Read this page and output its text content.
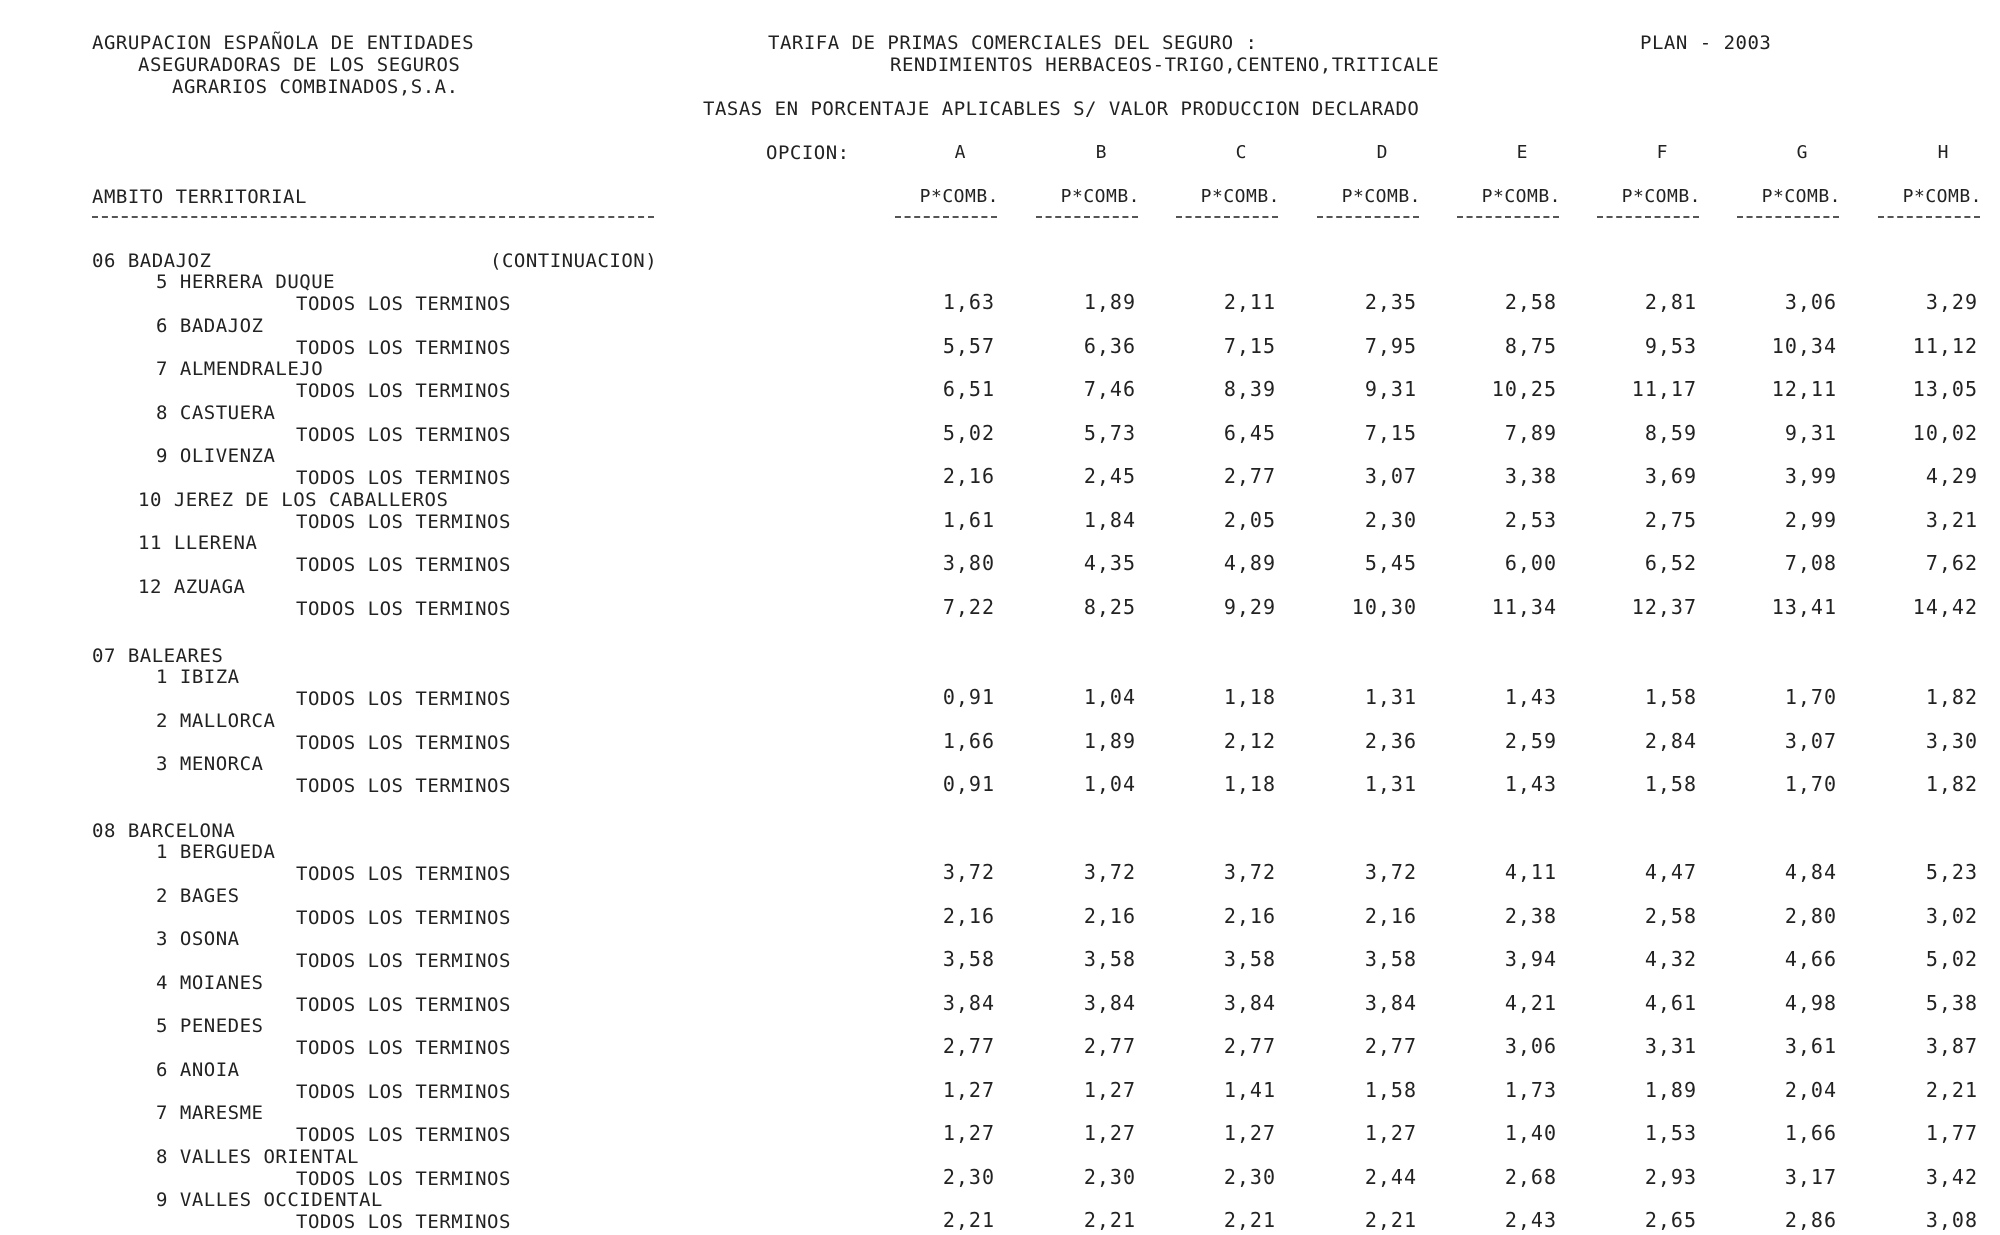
AGRUPACION ESPAÑOLA DE ENTIDADES
ASEGURADORAS DE LOS SEGUROS
AGRARIOS COMBINADOS,S.A.
TARIFA DE PRIMAS COMERCIALES DEL SEGURO :
RENDIMIENTOS HERBACEOS-TRIGO,CENTENO,TRITICALE
PLAN - 2003
TASAS EN PORCENTAJE APLICABLES S/ VALOR PRODUCCION DECLARADO
OPCION:	A	B	C	D	E	F	G	H
AMBITO TERRITORIAL	P*COMB.	P*COMB.	P*COMB.	P*COMB.	P*COMB.	P*COMB.	P*COMB.	P*COMB.
06 BADAJOZ	(CONTINUACION)
5 HERRERA DUQUE
TODOS LOS TERMINOS	1,63	1,89	2,11	2,35	2,58	2,81	3,06	3,29
6 BADAJOZ
TODOS LOS TERMINOS	5,57	6,36	7,15	7,95	8,75	9,53	10,34	11,12
7 ALMENDRALEJO
TODOS LOS TERMINOS	6,51	7,46	8,39	9,31	10,25	11,17	12,11	13,05
8 CASTUERA
TODOS LOS TERMINOS	5,02	5,73	6,45	7,15	7,89	8,59	9,31	10,02
9 OLIVENZA
TODOS LOS TERMINOS	2,16	2,45	2,77	3,07	3,38	3,69	3,99	4,29
10 JEREZ DE LOS CABALLEROS
TODOS LOS TERMINOS	1,61	1,84	2,05	2,30	2,53	2,75	2,99	3,21
11 LLERENA
TODOS LOS TERMINOS	3,80	4,35	4,89	5,45	6,00	6,52	7,08	7,62
12 AZUAGA
TODOS LOS TERMINOS	7,22	8,25	9,29	10,30	11,34	12,37	13,41	14,42
07 BALEARES
1 IBIZA
TODOS LOS TERMINOS	0,91	1,04	1,18	1,31	1,43	1,58	1,70	1,82
2 MALLORCA
TODOS LOS TERMINOS	1,66	1,89	2,12	2,36	2,59	2,84	3,07	3,30
3 MENORCA
TODOS LOS TERMINOS	0,91	1,04	1,18	1,31	1,43	1,58	1,70	1,82
08 BARCELONA
1 BERGUEDA
TODOS LOS TERMINOS	3,72	3,72	3,72	3,72	4,11	4,47	4,84	5,23
2 BAGES
TODOS LOS TERMINOS	2,16	2,16	2,16	2,16	2,38	2,58	2,80	3,02
3 OSONA
TODOS LOS TERMINOS	3,58	3,58	3,58	3,58	3,94	4,32	4,66	5,02
4 MOIANES
TODOS LOS TERMINOS	3,84	3,84	3,84	3,84	4,21	4,61	4,98	5,38
5 PENEDES
TODOS LOS TERMINOS	2,77	2,77	2,77	2,77	3,06	3,31	3,61	3,87
6 ANOIA
TODOS LOS TERMINOS	1,27	1,27	1,41	1,58	1,73	1,89	2,04	2,21
7 MARESME
TODOS LOS TERMINOS	1,27	1,27	1,27	1,27	1,40	1,53	1,66	1,77
8 VALLES ORIENTAL
TODOS LOS TERMINOS	2,30	2,30	2,30	2,44	2,68	2,93	3,17	3,42
9 VALLES OCCIDENTAL
TODOS LOS TERMINOS	2,21	2,21	2,21	2,21	2,43	2,65	2,86	3,08
